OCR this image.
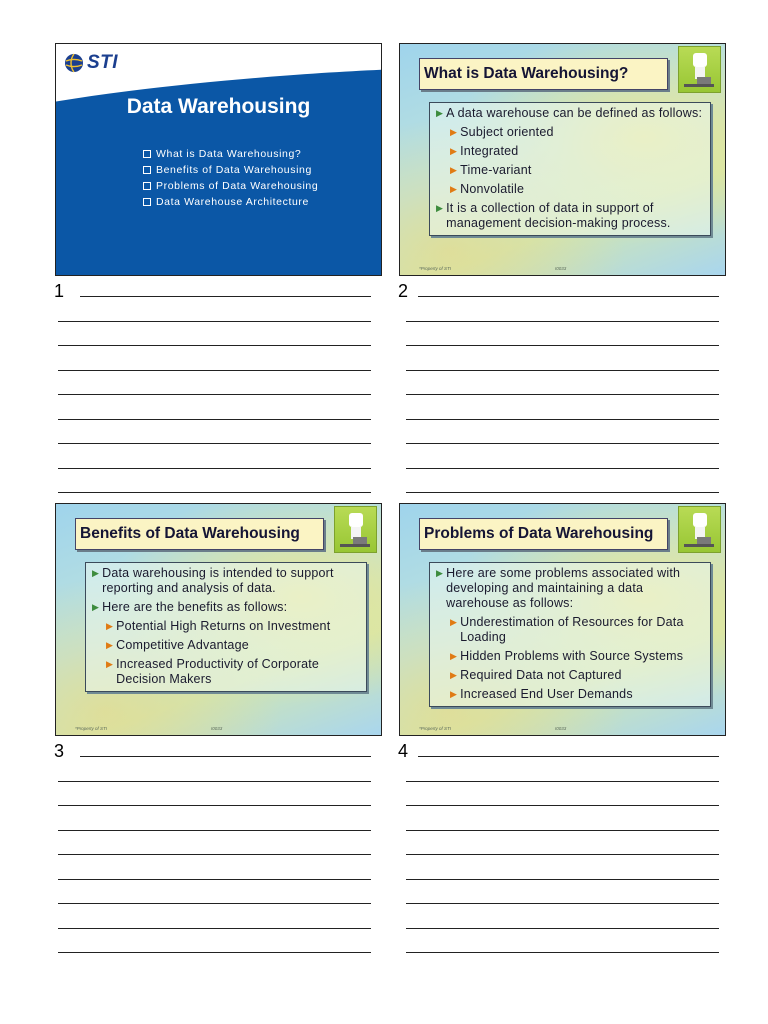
STI
Data Warehousing
What is Data Warehousing?
Benefits of Data Warehousing
Problems of Data Warehousing
Data Warehouse Architecture
What is Data Warehousing?
▶ A data warehouse can be defined as follows:
▶ Subject oriented
▶ Integrated
▶ Time-variant
▶ Nonvolatile
▶ It is a collection of data in support of management decision-making process.
*Property of STI	I0033
Benefits of Data Warehousing
▶ Data warehousing is intended to support reporting and analysis of data.
▶ Here are the benefits as follows:
▶ Potential High Returns on Investment
▶ Competitive Advantage
▶ Increased Productivity of Corporate Decision Makers
*Property of STI	I0033
Problems of Data Warehousing
▶ Here are some problems associated with developing and maintaining a data warehouse as follows:
▶ Underestimation of Resources for Data Loading
▶ Hidden Problems with Source Systems
▶ Required Data not Captured
▶ Increased End User Demands
*Property of STI	I0033
1	2
3	4
